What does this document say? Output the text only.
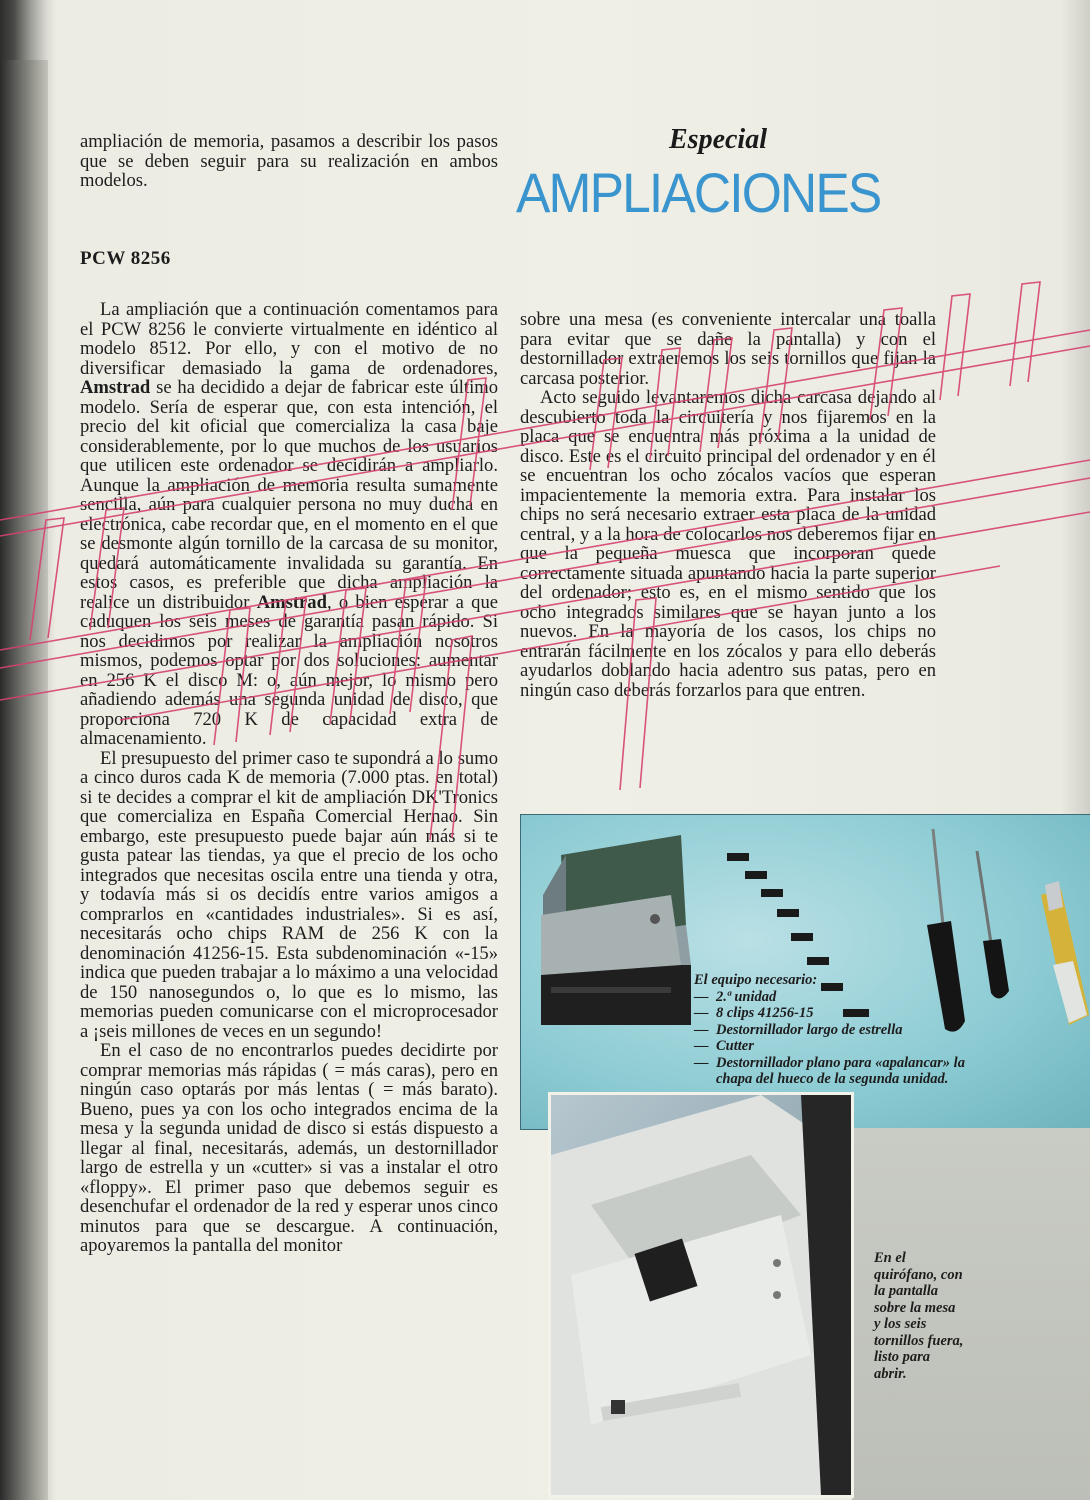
Especial
AMPLIACIONES

ampliación de memoria, pasamos a describir los pasos que se deben seguir para su realización en ambos modelos.

PCW 8256

La ampliación que a continuación comentamos para el PCW 8256 le convierte virtualmente en idéntico al modelo 8512. Por ello, y con el motivo de no diversificar demasiado la gama de ordenadores, Amstrad se ha decidido a dejar de fabricar este último modelo. Sería de esperar que, con esta intención, el precio del kit oficial que comercializa la casa baje considerablemente, por lo que muchos de los usuarios que utilicen este ordenador se decidirán a ampliarlo. Aunque la ampliación de memoria resulta sumamente sencilla, aún para cualquier persona no muy ducha en electrónica, cabe recordar que, en el momento en el que se desmonte algún tornillo de la carcasa de su monitor, quedará automáticamente invalidada su garantía. En estos casos, es preferible que dicha ampliación la realice un distribuidor Amstrad, o bien esperar a que caduquen los seis meses de garantía pasan rápido. Si nos decidimos por realizar la ampliación nosotros mismos, podemos optar por dos soluciones: aumentar en 256 K el disco M: o, aún mejor, lo mismo pero añadiendo además una segunda unidad de disco, que proporciona 720 K de capacidad extra de almacenamiento.

El presupuesto del primer caso te supondrá a lo sumo a cinco duros cada K de memoria (7.000 ptas. en total) si te decides a comprar el kit de ampliación DK'Tronics que comercializa en España Comercial Hernao. Sin embargo, este presupuesto puede bajar aún más si te gusta patear las tiendas, ya que el precio de los ocho integrados que necesitas oscila entre una tienda y otra, y todavía más si os decidís entre varios amigos a comprarlos en «cantidades industriales». Si es así, necesitarás ocho chips RAM de 256 K con la denominación 41256-15. Esta subdenominación «-15» indica que pueden trabajar a lo máximo a una velocidad de 150 nanosegundos o, lo que es lo mismo, las memorias pueden comunicarse con el microprocesador a ¡seis millones de veces en un segundo!

En el caso de no encontrarlos puedes decidirte por comprar memorias más rápidas ( = más caras), pero en ningún caso optarás por más lentas ( = más barato). Bueno, pues ya con los ocho integrados encima de la mesa y la segunda unidad de disco si estás dispuesto a llegar al final, necesitarás, además, un destornillador largo de estrella y un «cutter» si vas a instalar el otro «floppy». El primer paso que debemos seguir es desenchufar el ordenador de la red y esperar unos cinco minutos para que se descargue. A continuación, apoyaremos la pantalla del monitor

sobre una mesa (es conveniente intercalar una toalla para evitar que se dañe la pantalla) y con el destornillador extraeremos los seis tornillos que fijan la carcasa posterior.

Acto seguido levantaremos dicha carcasa dejando al descubierto toda la circuitería y nos fijaremos en la placa que se encuentra más próxima a la unidad de disco. Este es el circuito principal del ordenador y en él se encuentran los ocho zócalos vacíos que esperan impacientemente la memoria extra. Para instalar los chips no será necesario extraer esta placa de la unidad central, y a la hora de colocarlos nos deberemos fijar en que la pequeña muesca que incorporan quede correctamente situada apuntando hacia la parte superior del ordenador; esto es, en el mismo sentido que los ocho integrados similares que se hayan junto a los nuevos. En la mayoría de los casos, los chips no entrarán fácilmente en los zócalos y para ello deberás ayudarlos doblando hacia adentro sus patas, pero en ningún caso deberás forzarlos para que entren.

El equipo necesario:
— 2.ª unidad
— 8 clips 41256-15
— Destornillador largo de estrella
— Cutter
— Destornillador plano para «apalancar» la chapa del hueco de la segunda unidad.
En el quirófano, con la pantalla sobre la mesa y los seis tornillos fuera, listo para abrir.
